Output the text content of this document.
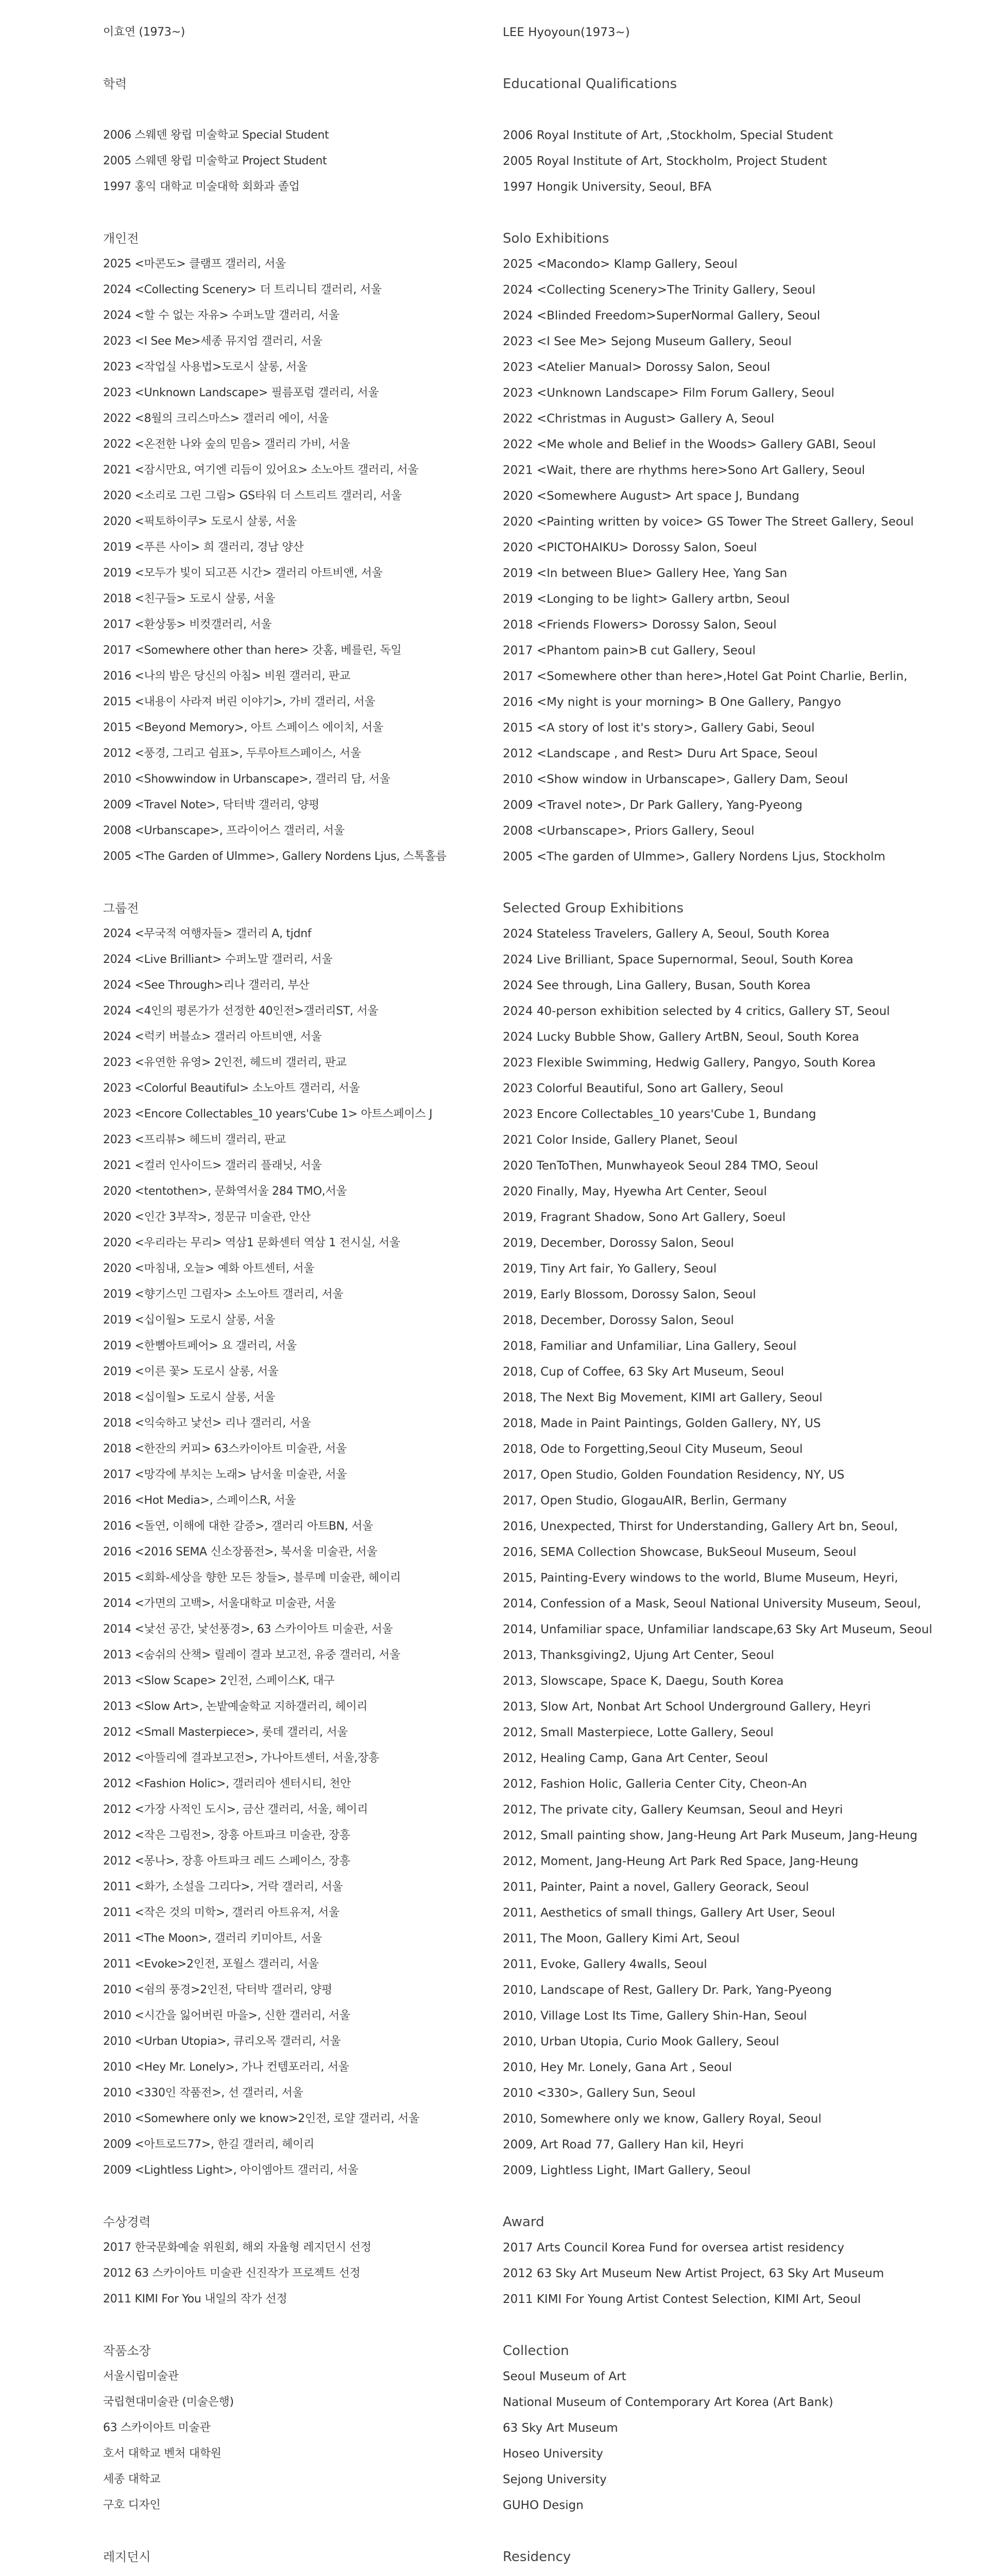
이효연 (1973~)
학력
2006 스웨덴 왕립 미술학교 Special Student
2005 스웨덴 왕립 미술학교 Project Student
1997 홍익 대학교 미술대학 회화과 졸업
개인전
2025 <마콘도> 클램프 갤러리, 서울
2024 <Collecting Scenery> 더 트리니티 갤러리, 서울
2024 <할 수 없는 자유> 수퍼노말 갤러리, 서울
2023 <I See Me>세종 뮤지엄 갤러리, 서울
2023 <작업실 사용법>도로시 살롱, 서울
2023 <Unknown Landscape> 필름포럼 갤러리, 서울
2022 <8월의 크리스마스> 갤러리 에이, 서울
2022 <온전한 나와 숲의 믿음> 갤러리 가비, 서울
2021 <잠시만요, 여기엔 리듬이 있어요> 소노아트 갤러리, 서울
2020 <소리로 그린 그림> GS타워 더 스트리트 갤러리, 서울
2020 <픽토하이쿠> 도로시 살롱, 서울
2019 <푸른 사이> 희 갤러리, 경남 양산
2019 <모두가 빛이 되고픈 시간> 갤러리 아트비앤, 서울
2018 <친구들> 도로시 살롱, 서울
2017 <환상통> 비컷갤러리, 서울
2017 <Somewhere other than here> 갓홈, 베를린, 독일
2016 <나의 밤은 당신의 아침> 비원 갤러리, 판교
2015 <내용이 사라져 버린 이야기>, 가비 갤러리, 서울
2015 <Beyond Memory>, 아트 스페이스 에이치, 서울
2012 <풍경, 그리고 쉼표>, 두루아트스페이스, 서울
2010 <Showwindow in Urbanscape>, 갤러리 담, 서울
2009 <Travel Note>, 닥터박 갤러리, 양평
2008 <Urbanscape>, 프라이어스 갤러리, 서울
2005 <The Garden of Ulmme>, Gallery Nordens Ljus, 스톡홀름
그룹전
2024 <무국적 여행자들> 갤러리 A, tjdnf
2024 <Live Brilliant> 수퍼노말 갤러리, 서울
2024 <See Through>리나 갤러리, 부산
2024 <4인의 평론가가 선정한 40인전>갤러리ST, 서울
2024 <럭키 버블쇼> 갤러리 아트비앤, 서울
2023 <유연한 유영> 2인전, 헤드비 갤러리, 판교
2023 <Colorful Beautiful> 소노아트 갤러리, 서울
2023 <Encore Collectables_10 years'Cube 1> 아트스페이스 J
2023 <프리뷰> 헤드비 갤러리, 판교
2021 <컬러 인사이드> 갤러리 플래닛, 서울
2020 <tentothen>, 문화역서울 284 TMO,서울
2020 <인간 3부작>, 정문규 미술관, 안산
2020 <우리라는 무리> 역삼1 문화센터 역삼 1 전시실, 서울
2020 <마침내, 오늘> 예화 아트센터, 서울
2019 <향기스민 그림자> 소노아트 갤러리, 서울
2019 <십이월> 도로시 살롱, 서울
2019 <한뼘아트페어> 요 갤러리, 서울
2019 <이른 꽃> 도로시 살롱, 서울
2018 <십이월> 도로시 살롱, 서울
2018 <익숙하고 낯선> 리나 갤러리, 서울
2018 <한잔의 커피> 63스카이아트 미술관, 서울
2017 <망각에 부치는 노래> 남서울 미술관, 서울
2016 <Hot Media>, 스페이스R, 서울
2016 <돌연, 이해에 대한 갈증>, 갤러리 아트BN, 서울
2016 <2016 SEMA 신소장품전>, 북서울 미술관, 서울
2015 <회화-세상을 향한 모든 창들>, 블루메 미술관, 헤이리
2014 <가면의 고백>, 서울대학교 미술관, 서울
2014 <낯선 공간, 낯선풍경>, 63 스카이아트 미술관, 서울
2013 <숨쉬의 산책> 릴레이 결과 보고전, 유중 갤러리, 서울
2013 <Slow Scape> 2인전, 스페이스K, 대구
2013 <Slow Art>, 논밭예술학교 지하갤러리, 헤이리
2012 <Small Masterpiece>, 롯데 갤러리, 서울
2012 <아뜰리에 결과보고전>, 가나아트센터, 서울,장흥
2012 <Fashion Holic>, 갤러리아 센터시티, 천안
2012 <가장 사적인 도시>, 금산 갤러리, 서울, 헤이리
2012 <작은 그림전>, 장흥 아트파크 미술관, 장흥
2012 <몽나>, 장흥 아트파크 레드 스페이스, 장흥
2011 <화가, 소설을 그리다>, 거락 갤러리, 서울
2011 <작은 것의 미학>, 갤러리 아트유저, 서울
2011 <The Moon>, 갤러리 키미아트, 서울
2011 <Evoke>2인전, 포월스 갤러리, 서울
2010 <쉼의 풍경>2인전, 닥터박 갤러리, 양평
2010 <시간을 잃어버린 마을>, 신한 갤러리, 서울
2010 <Urban Utopia>, 큐리오목 갤러리, 서울
2010 <Hey Mr. Lonely>, 가나 컨템포러리, 서울
2010 <330인 작품전>, 선 갤러리, 서울
2010 <Somewhere only we know>2인전, 로얄 갤러리, 서울
2009 <아트로드77>, 한길 갤러리, 헤이리
2009 <Lightless Light>, 아이엠아트 갤러리, 서울
수상경력
2017 한국문화예술 위원회, 해외 자율형 레지던시 선정
2012 63 스카이아트 미술관 신진작가 프로젝트 선정
2011 KIMI For You 내일의 작가 선정
작품소장
서울시립미술관
국립현대미술관 (미술은행)
63 스카이아트 미술관
호서 대학교 벤처 대학원
세종 대학교
구호 디자인
레지던시
LEE Hyoyoun(1973~)
Educational Qualifications
2006 Royal Institute of Art, ,Stockholm, Special Student
2005 Royal Institute of Art, Stockholm, Project Student
1997 Hongik University, Seoul, BFA
Solo Exhibitions
2025 <Macondo> Klamp Gallery, Seoul
2024 <Collecting Scenery>The Trinity Gallery, Seoul
2024 <Blinded Freedom>SuperNormal Gallery, Seoul
2023 <I See Me> Sejong Museum Gallery, Seoul
2023 <Atelier Manual> Dorossy Salon, Seoul
2023 <Unknown Landscape> Film Forum Gallery, Seoul
2022 <Christmas in August> Gallery A, Seoul
2022 <Me whole and Belief in the Woods> Gallery GABI, Seoul
2021 <Wait, there are rhythms here>Sono Art Gallery, Seoul
2020 <Somewhere August> Art space J, Bundang
2020 <Painting written by voice> GS Tower The Street Gallery, Seoul
2020 <PICTOHAIKU> Dorossy Salon, Soeul
2019 <In between Blue> Gallery Hee, Yang San
2019 <Longing to be light> Gallery artbn, Seoul
2018 <Friends Flowers> Dorossy Salon, Seoul
2017 <Phantom pain>B cut Gallery, Seoul
2017 <Somewhere other than here>,Hotel Gat Point Charlie, Berlin,
2016 <My night is your morning> B One Gallery, Pangyo
2015 <A story of lost it's story>, Gallery Gabi, Seoul
2012 <Landscape , and Rest> Duru Art Space, Seoul
2010 <Show window in Urbanscape>, Gallery Dam, Seoul
2009 <Travel note>, Dr Park Gallery, Yang-Pyeong
2008 <Urbanscape>, Priors Gallery, Seoul
2005 <The garden of Ulmme>, Gallery Nordens Ljus, Stockholm
Selected Group Exhibitions
2024 Stateless Travelers, Gallery A, Seoul, South Korea
2024 Live Brilliant, Space Supernormal, Seoul, South Korea
2024 See through, Lina Gallery, Busan, South Korea
2024 40-person exhibition selected by 4 critics, Gallery ST, Seoul
2024 Lucky Bubble Show, Gallery ArtBN, Seoul, South Korea
2023 Flexible Swimming, Hedwig Gallery, Pangyo, South Korea
2023 Colorful Beautiful, Sono art Gallery, Seoul
2023 Encore Collectables_10 years'Cube 1, Bundang
2021 Color Inside, Gallery Planet, Seoul
2020 TenToThen, Munwhayeok Seoul 284 TMO, Seoul
2020 Finally, May, Hyewha Art Center, Seoul
2019, Fragrant Shadow, Sono Art Gallery, Soeul
2019, December, Dorossy Salon, Seoul
2019, Tiny Art fair, Yo Gallery, Seoul
2019, Early Blossom, Dorossy Salon, Seoul
2018, December, Dorossy Salon, Seoul
2018, Familiar and Unfamiliar, Lina Gallery, Seoul
2018, Cup of Coffee, 63 Sky Art Museum, Seoul
2018, The Next Big Movement, KIMI art Gallery, Seoul
2018, Made in Paint Paintings, Golden Gallery, NY, US
2018, Ode to Forgetting,Seoul City Museum, Seoul
2017, Open Studio, Golden Foundation Residency, NY, US
2017, Open Studio, GlogauAIR, Berlin, Germany
2016, Unexpected, Thirst for Understanding, Gallery Art bn, Seoul,
2016, SEMA Collection Showcase, BukSeoul Museum, Seoul
2015, Painting-Every windows to the world, Blume Museum, Heyri,
2014, Confession of a Mask, Seoul National University Museum, Seoul,
2014, Unfamiliar space, Unfamiliar landscape,63 Sky Art Museum, Seoul
2013, Thanksgiving2, Ujung Art Center, Seoul
2013, Slowscape, Space K, Daegu, South Korea
2013, Slow Art, Nonbat Art School Underground Gallery, Heyri
2012, Small Masterpiece, Lotte Gallery, Seoul
2012, Healing Camp, Gana Art Center, Seoul
2012, Fashion Holic, Galleria Center City, Cheon-An
2012, The private city, Gallery Keumsan, Seoul and Heyri
2012, Small painting show, Jang-Heung Art Park Museum, Jang-Heung
2012, Moment, Jang-Heung Art Park Red Space, Jang-Heung
2011, Painter, Paint a novel, Gallery Georack, Seoul
2011, Aesthetics of small things, Gallery Art User, Seoul
2011, The Moon, Gallery Kimi Art, Seoul
2011, Evoke, Gallery 4walls, Seoul
2010, Landscape of Rest, Gallery Dr. Park, Yang-Pyeong
2010, Village Lost Its Time, Gallery Shin-Han, Seoul
2010, Urban Utopia, Curio Mook Gallery, Seoul
2010, Hey Mr. Lonely, Gana Art , Seoul
2010 <330>, Gallery Sun, Seoul
2010, Somewhere only we know, Gallery Royal, Seoul
2009, Art Road 77, Gallery Han kil, Heyri
2009, Lightless Light, IMart Gallery, Seoul
Award
2017 Arts Council Korea Fund for oversea artist residency
2012 63 Sky Art Museum New Artist Project, 63 Sky Art Museum
2011 KIMI For Young Artist Contest Selection, KIMI Art, Seoul
Collection
Seoul Museum of Art
National Museum of Contemporary Art Korea (Art Bank)
63 Sky Art Museum
Hoseo University
Sejong University
GUHO Design
Residency
